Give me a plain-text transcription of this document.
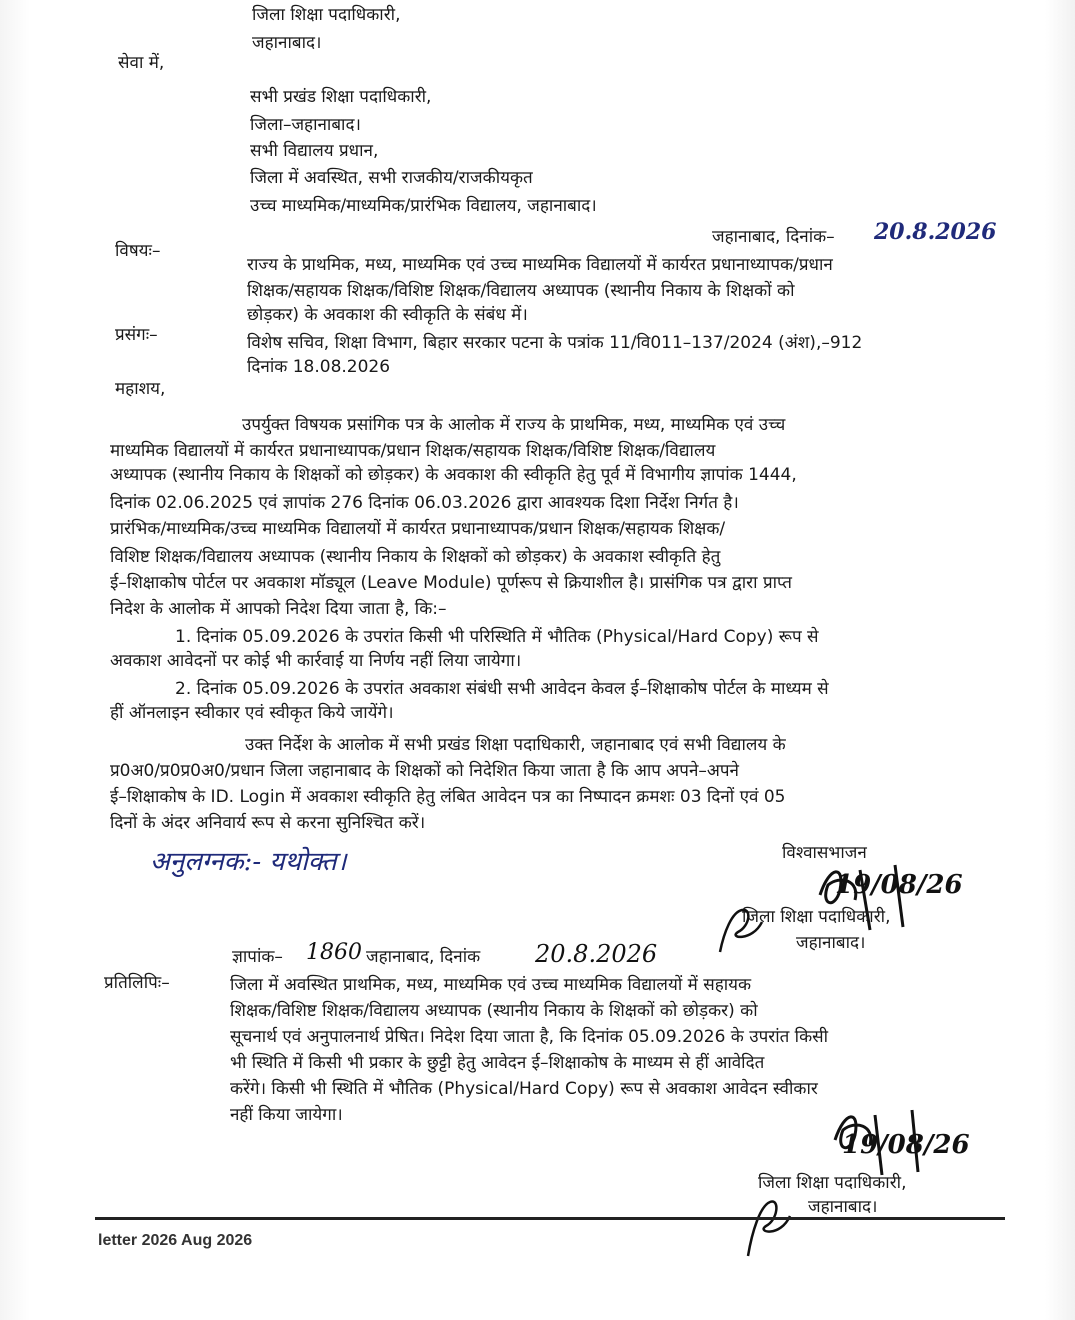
जिला शिक्षा पदाधिकारी,
जहानाबाद।
सेवा में,
सभी प्रखंड शिक्षा पदाधिकारी,
जिला–जहानाबाद।
सभी विद्यालय प्रधान,
जिला में अवस्थित, सभी राजकीय/राजकीयकृत
उच्च माध्यमिक/माध्यमिक/प्रारंभिक विद्यालय, जहानाबाद।
जहानाबाद, दिनांक– 20.8.2026
विषयः–
राज्य के प्राथमिक, मध्य, माध्यमिक एवं उच्च माध्यमिक विद्यालयों में कार्यरत प्रधानाध्यापक/प्रधान
शिक्षक/सहायक शिक्षक/विशिष्ट शिक्षक/विद्यालय अध्यापक (स्थानीय निकाय के शिक्षकों को
छोड़कर) के अवकाश की स्वीकृति के संबंध में।
प्रसंगः–	विशेष सचिव, शिक्षा विभाग, बिहार सरकार पटना के पत्रांक 11/वि011–137/2024 (अंश),–912
दिनांक 18.08.2026
महाशय,
उपर्युक्त विषयक प्रसांगिक पत्र के आलोक में राज्य के प्राथमिक, मध्य, माध्यमिक एवं उच्च
माध्यमिक विद्यालयों में कार्यरत प्रधानाध्यापक/प्रधान शिक्षक/सहायक शिक्षक/विशिष्ट शिक्षक/विद्यालय
अध्यापक (स्थानीय निकाय के शिक्षकों को छोड़कर) के अवकाश की स्वीकृति हेतु पूर्व में विभागीय ज्ञापांक 1444,
दिनांक 02.06.2025 एवं ज्ञापांक 276 दिनांक 06.03.2026 द्वारा आवश्यक दिशा निर्देश निर्गत है।
प्रारंभिक/माध्यमिक/उच्च माध्यमिक विद्यालयों में कार्यरत प्रधानाध्यापक/प्रधान शिक्षक/सहायक शिक्षक/
विशिष्ट शिक्षक/विद्यालय अध्यापक (स्थानीय निकाय के शिक्षकों को छोड़कर) के अवकाश स्वीकृति हेतु
ई–शिक्षाकोष पोर्टल पर अवकाश मॉड्यूल (Leave Module) पूर्णरूप से क्रियाशील है। प्रासंगिक पत्र द्वारा प्राप्त
निदेश के आलोक में आपको निदेश दिया जाता है, कि:–
1. दिनांक 05.09.2026 के उपरांत किसी भी परिस्थिति में भौतिक (Physical/Hard Copy) रूप से
अवकाश आवेदनों पर कोई भी कार्रवाई या निर्णय नहीं लिया जायेगा।
2. दिनांक 05.09.2026 के उपरांत अवकाश संबंधी सभी आवेदन केवल ई–शिक्षाकोष पोर्टल के माध्यम से
हीं ऑनलाइन स्वीकार एवं स्वीकृत किये जायेंगे।
उक्त निर्देश के आलोक में सभी प्रखंड शिक्षा पदाधिकारी, जहानाबाद एवं सभी विद्यालय के
प्र0अ0/प्र0प्र0अ0/प्रधान जिला जहानाबाद के शिक्षकों को निदेशित किया जाता है कि आप अपने–अपने
ई–शिक्षाकोष के ID. Login में अवकाश स्वीकृति हेतु लंबित आवेदन पत्र का निष्पादन क्रमशः 03 दिनों एवं 05
दिनों के अंदर अनिवार्य रूप से करना सुनिश्चित करें।
अनुलग्नक:- यथोक्त।	विश्वासभाजन
19/08/26
जिला शिक्षा पदाधिकारी,
जहानाबाद।
ज्ञापांक– 1860 जहानाबाद, दिनांक 20.8.2026
प्रतिलिपिः–	जिला में अवस्थित प्राथमिक, मध्य, माध्यमिक एवं उच्च माध्यमिक विद्यालयों में सहायक
शिक्षक/विशिष्ट शिक्षक/विद्यालय अध्यापक (स्थानीय निकाय के शिक्षकों को छोड़कर) को
सूचनार्थ एवं अनुपालनार्थ प्रेषित। निदेश दिया जाता है, कि दिनांक 05.09.2026 के उपरांत किसी
भी स्थिति में किसी भी प्रकार के छुट्टी हेतु आवेदन ई–शिक्षाकोष के माध्यम से हीं आवेदित
करेंगे। किसी भी स्थिति में भौतिक (Physical/Hard Copy) रूप से अवकाश आवेदन स्वीकार
नहीं किया जायेगा।
19/08/26
जिला शिक्षा पदाधिकारी,
जहानाबाद।
letter 2026 Aug 2026
